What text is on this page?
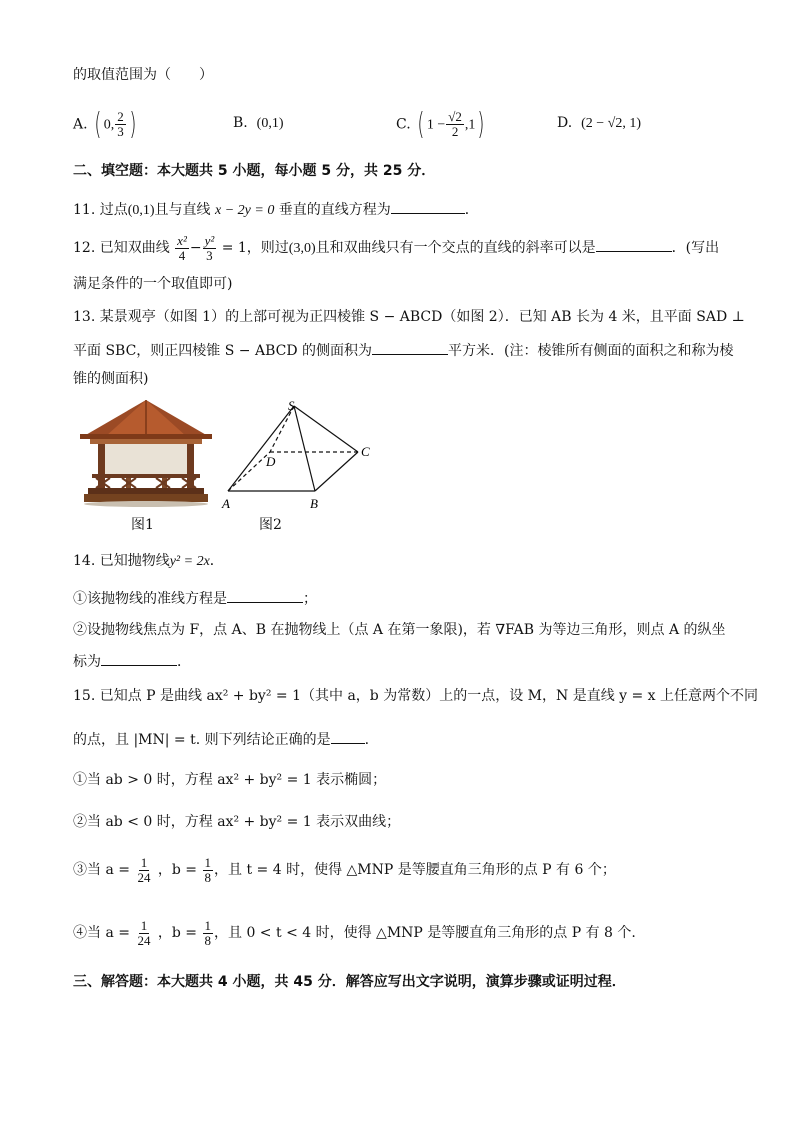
的取值范围为（　　）
A. ( 0, $\frac{2}{3}$ )	B. (0,1)	C. ( $1 - \frac{√2}{2} ,1$)	D. (2 − √2, 1)
二、填空题：本大题共 5 小题，每小题 5 分，共 25 分．
11. 过点(0,1)且与直线 x − 2y = 0 垂直的直线方程为	．
12. 已知双曲线 $\frac{\text{x²}}{4} - \frac{\text{y²}}{3} = 1$，则过(3,0)且和双曲线只有一个交点的直线的斜率可以是	．(写出
满足条件的一个取值即可)
13. 某景观亭（如图 1）的上部可视为正四棱锥 S − ABCD（如图 2）．已知 AB 长为 4 米，且平面 SAD ⊥
平面 SBC，则正四棱锥 S − ABCD 的侧面积为	平方米．(注：棱锥所有侧面的面积之和称为棱
锥的侧面积)
图1
S
A	B
C
D
图2
14. 已知抛物线y² = 2x．
①该抛物线的准线方程是	；
②设抛物线焦点为 F，点 A、B 在抛物线上（点 A 在第一象限)，若 ∇FAB 为等边三角形，则点 A 的纵坐
标为	．
15. 已知点 P 是曲线 ax² + by² = 1（其中 a，b 为常数）上的一点，设 M，N 是直线 y = x 上任意两个不同
的点，且 |MN| = t. 则下列结论正确的是 .
①当 ab > 0 时，方程 ax² + by² = 1 表示椭圆；
②当 ab < 0 时，方程 ax² + by² = 1 表示双曲线；
③当 $a = \frac{1}{24}$ ，$b = \frac{1}{8}$ ，且 t = 4 时，使得 △MNP 是等腰直角三角形的点 P 有 6 个；
④当 $a = \frac{1}{24}$ ，$b = \frac{1}{8}$ ，且 0 < t < 4 时，使得 △MNP 是等腰直角三角形的点 P 有 8 个.
三、解答题：本大题共 4 小题，共 45 分．解答应写出文字说明，演算步骤或证明过程．
